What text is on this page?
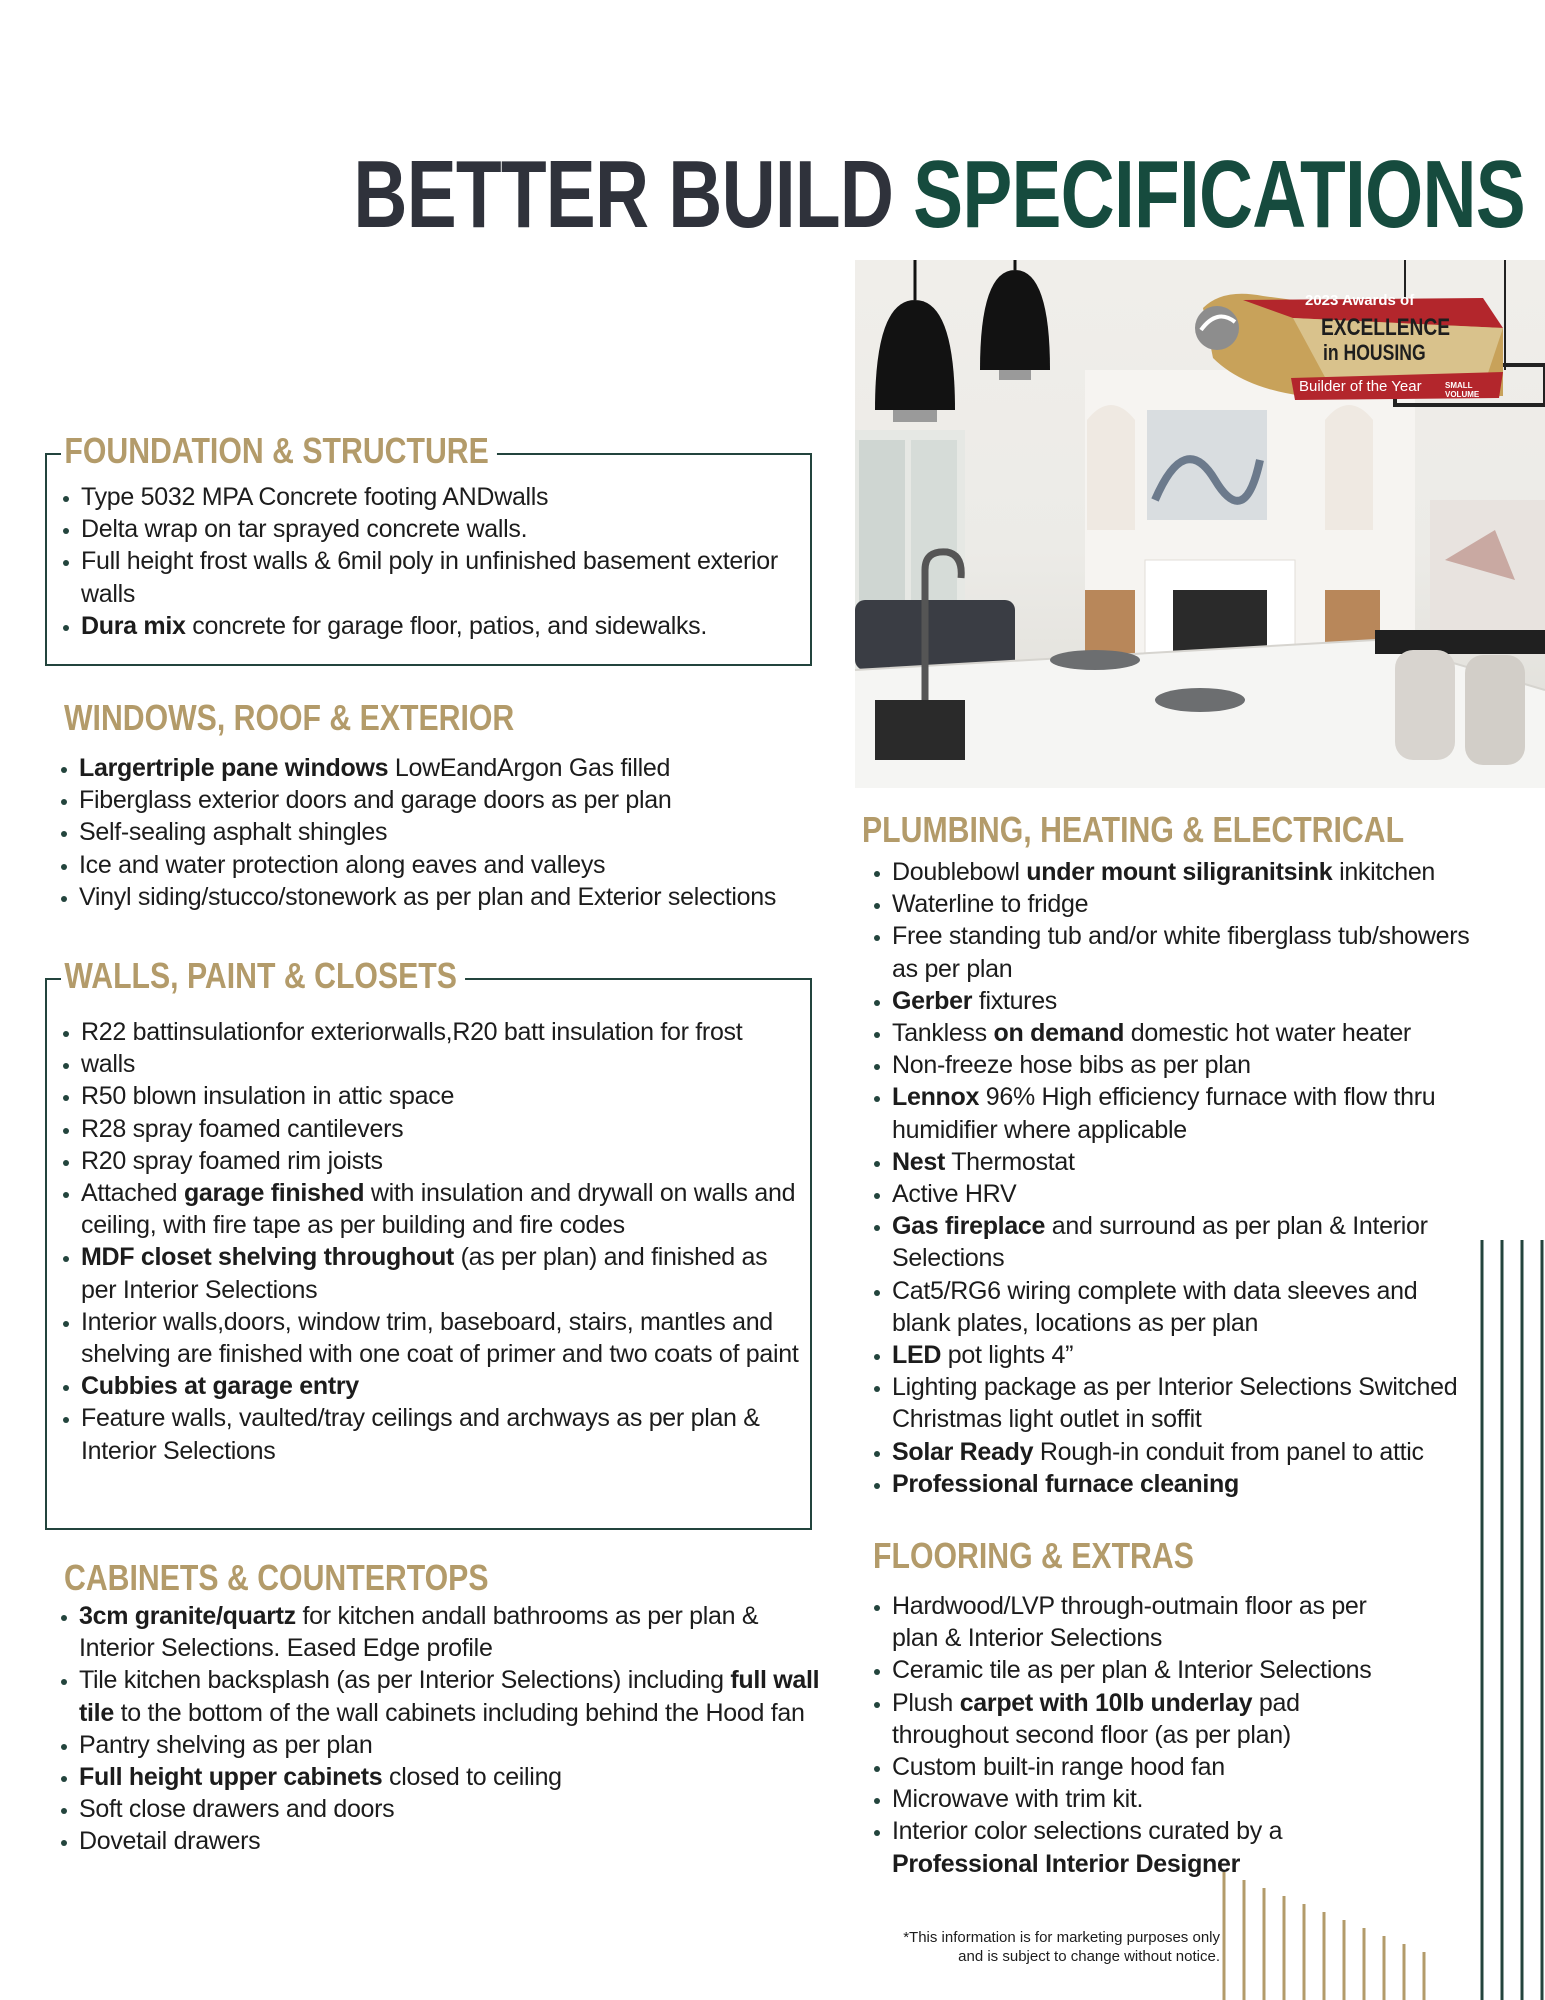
BETTER BUILD SPECIFICATIONS
2023 Awards of
EXCELLENCE
in HOUSING
Builder of the Year	SMALL VOLUME
FOUNDATION & STRUCTURE
Type 5032 MPA Concrete footing ANDwalls
Delta wrap on tar sprayed concrete walls.
Full height frost walls & 6mil poly in unfinished basement exterior walls
Dura mix concrete for garage floor, patios, and sidewalks.
WINDOWS, ROOF & EXTERIOR
Largertriple pane windows LowEandArgon Gas filled
Fiberglass exterior doors and garage doors as per plan
Self-sealing asphalt shingles
Ice and water protection along eaves and valleys
Vinyl siding/stucco/stonework as per plan and Exterior selections
WALLS, PAINT & CLOSETS
R22 battinsulationfor exteriorwalls,R20 batt insulation for frost
walls
R50 blown insulation in attic space
R28 spray foamed cantilevers
R20 spray foamed rim joists
Attached garage finished with insulation and drywall on walls and ceiling, with fire tape as per building and fire codes
MDF closet shelving throughout (as per plan) and finished as per Interior Selections
Interior walls,doors, window trim, baseboard, stairs, mantles and shelving are finished with one coat of primer and two coats of paint
Cubbies at garage entry
Feature walls, vaulted/tray ceilings and archways as per plan & Interior Selections
CABINETS & COUNTERTOPS
3cm granite/quartz for kitchen andall bathrooms as per plan & Interior Selections. Eased Edge profile
Tile kitchen backsplash (as per Interior Selections) including full wall tile to the bottom of the wall cabinets including behind the Hood fan
Pantry shelving as per plan
Full height upper cabinets closed to ceiling
Soft close drawers and doors
Dovetail drawers
PLUMBING, HEATING & ELECTRICAL
Doublebowl under mount siligranitsink inkitchen
Waterline to fridge
Free standing tub and/or white fiberglass tub/showers as per plan
Gerber fixtures
Tankless on demand domestic hot water heater
Non-freeze hose bibs as per plan
Lennox 96% High efficiency furnace with flow thru humidifier where applicable
Nest Thermostat
Active HRV
Gas fireplace and surround as per plan & Interior Selections
Cat5/RG6 wiring complete with data sleeves and blank plates, locations as per plan
LED pot lights 4”
Lighting package as per Interior Selections Switched Christmas light outlet in soffit
Solar Ready Rough-in conduit from panel to attic
Professional furnace cleaning
FLOORING & EXTRAS
Hardwood/LVP through-outmain floor as per plan & Interior Selections
Ceramic tile as per plan & Interior Selections
Plush carpet with 10lb underlay pad throughout second floor (as per plan)
Custom built-in range hood fan
Microwave with trim kit.
Interior color selections curated by a Professional Interior Designer
*This information is for marketing purposes only
and is subject to change without notice.
